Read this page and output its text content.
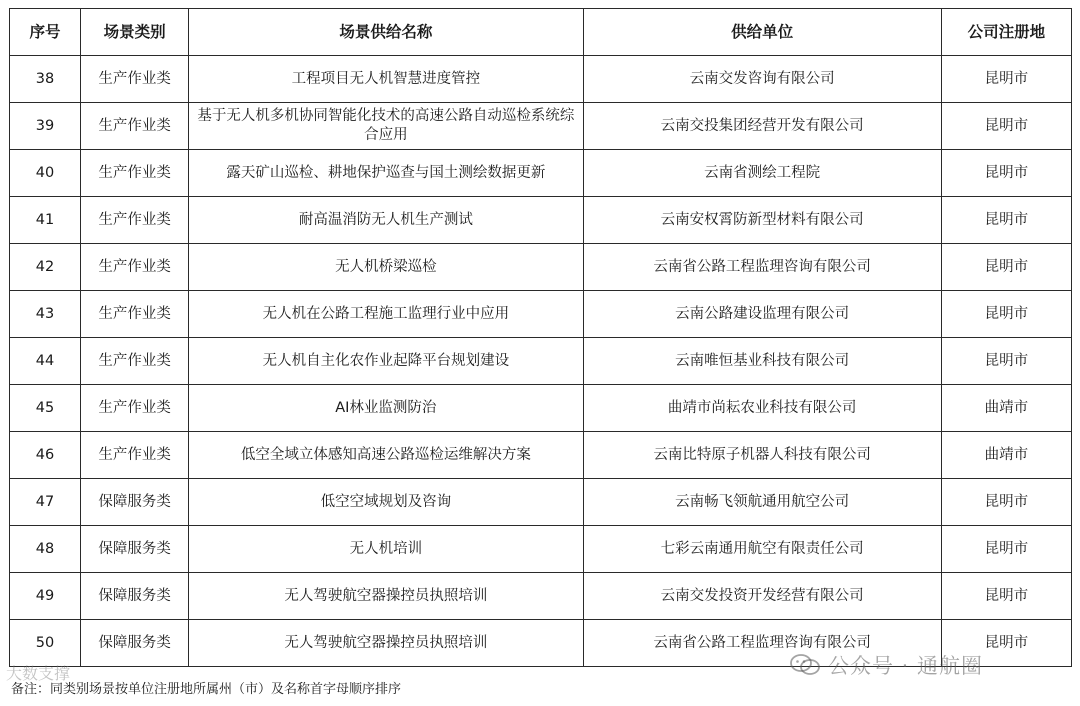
序号	场景类别	场景供给名称	供给单位	公司注册地
38	生产作业类	工程项目无人机智慧进度管控	云南交发咨询有限公司	昆明市
39	生产作业类	基于无人机多机协同智能化技术的高速公路自动巡检系统综合应用	云南交投集团经营开发有限公司	昆明市
40	生产作业类	露天矿山巡检、耕地保护巡查与国土测绘数据更新	云南省测绘工程院	昆明市
41	生产作业类	耐高温消防无人机生产测试	云南安权霄防新型材料有限公司	昆明市
42	生产作业类	无人机桥梁巡检	云南省公路工程监理咨询有限公司	昆明市
43	生产作业类	无人机在公路工程施工监理行业中应用	云南公路建设监理有限公司	昆明市
44	生产作业类	无人机自主化农作业起降平台规划建设	云南唯恒基业科技有限公司	昆明市
45	生产作业类	AI林业监测防治	曲靖市尚耘农业科技有限公司	曲靖市
46	生产作业类	低空全域立体感知高速公路巡检运维解决方案	云南比特原子机器人科技有限公司	曲靖市
47	保障服务类	低空空域规划及咨询	云南畅飞领航通用航空公司	昆明市
48	保障服务类	无人机培训	七彩云南通用航空有限责任公司	昆明市
49	保障服务类	无人驾驶航空器操控员执照培训	云南交发投资开发经营有限公司	昆明市
50	保障服务类	无人驾驶航空器操控员执照培训	云南省公路工程监理咨询有限公司	昆明市
大数支撑	公众号 · 通航圈
备注：同类别场景按单位注册地所属州（市）及名称首字母顺序排序
